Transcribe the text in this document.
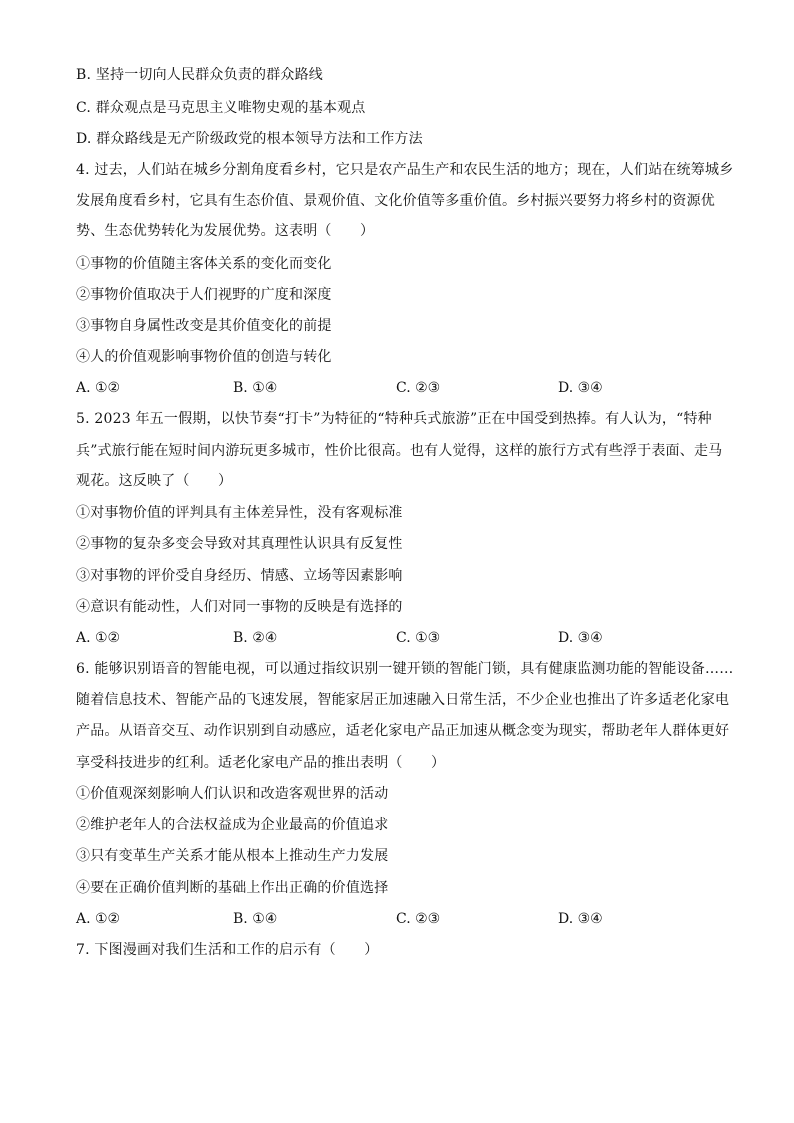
B. 坚持一切向人民群众负责的群众路线
C. 群众观点是马克思主义唯物史观的基本观点
D. 群众路线是无产阶级政党的根本领导方法和工作方法
4. 过去，人们站在城乡分割角度看乡村，它只是农产品生产和农民生活的地方；现在，人们站在统筹城乡
发展角度看乡村，它具有生态价值、景观价值、文化价值等多重价值。乡村振兴要努力将乡村的资源优
势、生态优势转化为发展优势。这表明（　　）
①事物的价值随主客体关系的变化而变化
②事物价值取决于人们视野的广度和深度
③事物自身属性改变是其价值变化的前提
④人的价值观影响事物价值的创造与转化
A. ①②	B. ①④	C. ②③	D. ③④
5. 2023 年五一假期，以快节奏“打卡”为特征的“特种兵式旅游”正在中国受到热捧。有人认为，“特种
兵”式旅行能在短时间内游玩更多城市，性价比很高。也有人觉得，这样的旅行方式有些浮于表面、走马
观花。这反映了（　　）
①对事物价值的评判具有主体差异性，没有客观标准
②事物的复杂多变会导致对其真理性认识具有反复性
③对事物的评价受自身经历、情感、立场等因素影响
④意识有能动性，人们对同一事物的反映是有选择的
A. ①②	B. ②④	C. ①③	D. ③④
6. 能够识别语音的智能电视，可以通过指纹识别一键开锁的智能门锁，具有健康监测功能的智能设备……
随着信息技术、智能产品的飞速发展，智能家居正加速融入日常生活，不少企业也推出了许多适老化家电
产品。从语音交互、动作识别到自动感应，适老化家电产品正加速从概念变为现实，帮助老年人群体更好
享受科技进步的红利。适老化家电产品的推出表明（　　）
①价值观深刻影响人们认识和改造客观世界的活动
②维护老年人的合法权益成为企业最高的价值追求
③只有变革生产关系才能从根本上推动生产力发展
④要在正确价值判断的基础上作出正确的价值选择
A. ①②	B. ①④	C. ②③	D. ③④
7. 下图漫画对我们生活和工作的启示有（　　）
